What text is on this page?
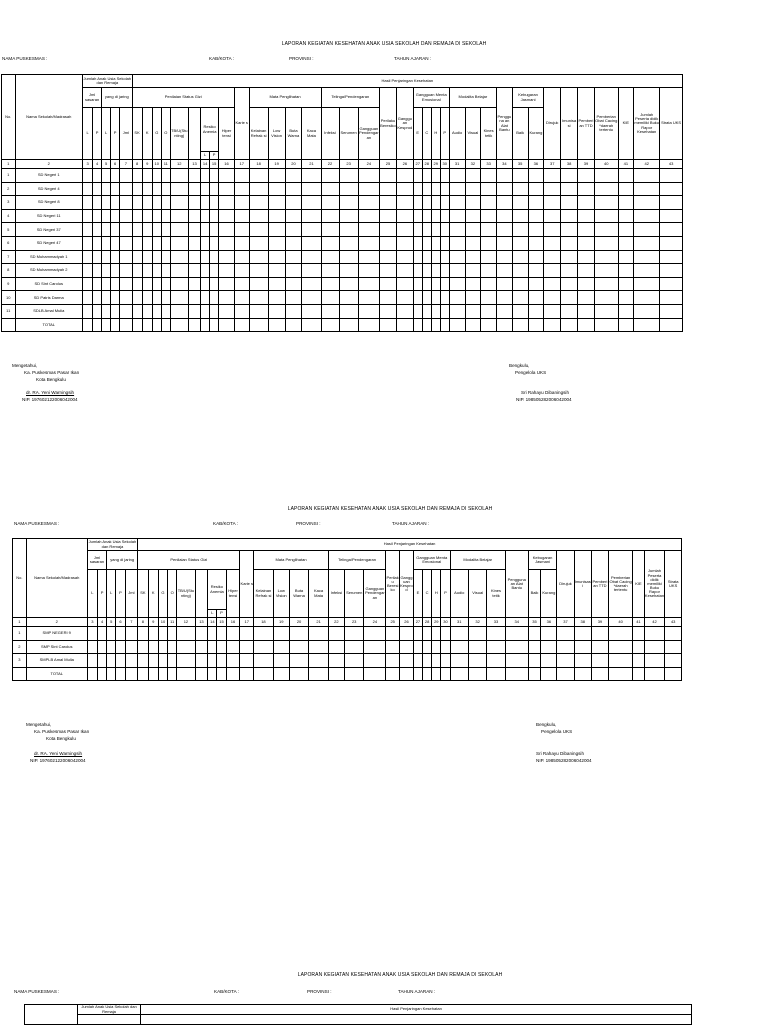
LAPORAN KEGIATAN KESEHATAN ANAK USIA SEKOLAH DAN REMAJA DI SEKOLAH
NAMA PUSKESMAS :	KAB/KOTA :	PROVINSI :	TAHUN AJARAN :
No.	Nama Sekolah/Madrasah	Jumlah Anak Usia Sekolah dan Remaja					Hasil Penjaringan Kesehatan																																			
		Jml sasaran		yang di jaring			Penilaian Status Gizi									Karie s	Mata Penglihatan				Telinga/Pendengaran			Perilaku Beresiko	Gangguan Kesprod	Gangguan Menta Emosional				Modalita Belajar			Pengguna an Alat Bantu	Kebugaran Jasmani		Dirujuk	Imunisasi	Pemberian TTD	Pemberian Obat Cacing *daerah tertentu	KIE	Jumlah Peserta didik memiliki Buku Rapor Kesehatan	Strata UKS
		L	P	L	P	Jml	SK	K	G	O	TB/U(Stu nting)		Resiko Anemia		Hiper tensi		Kelainan Refrak si	Low Vision	Buta Warna	Kaca Mata	Infeksi	Serumen	Gangguan Pendengaran			E	C	H	P	Audio	Visual	Kines tetik		Baik	Kurang							
													L	P																												
1	2	3	4	5	6	7	8	9	10	11	12	13	14	15	16	17	18	19	20	21	22	23	24	25	26	27	28	29	30	31	32	33	34	35	36	37	38	39	40	41	42	43
1	SD Negeri 1																																									
2	SD Negeri 4																																									
3	SD Negeri 8																																									
4	SD Negeri 11																																									
5	SD Negeri 37																																									
6	SD Negeri 47																																									
7	SD Muhammadyah 1																																									
8	SD Muhammadyah 2																																									
9	SD Sint Carolus																																									
10	SD Patris Darma																																									
11	SDLB Amal Mulia																																									
	TOTAL																																									
Mengetahui,
Ka. Puskesmas Pasar Ikan
Kota Bengkulu
dr. RA. Yeni Warningsih
NIP. 197602122006042004
Bengkulu,
Pengelola UKS
Sri Rahayu Dibaningsih
NIP. 198505282006042004
LAPORAN KEGIATAN KESEHATAN ANAK USIA SEKOLAH DAN REMAJA DI SEKOLAH
NAMA PUSKESMAS :	KAB/KOTA :	PROVINSI :	TAHUN AJARAN :
No.	Nama Sekolah/Madrasah	Jumlah Anak Usia Sekolah dan Remaja					Hasil Penjaringan Kesehatan																																			
		Jml sasaran		yang di jaring			Penilaian Status Gizi									Karie s	Mata Penglihatan				Telinga/Pendengaran			Perilaku Beresiko	Gangguan Kesprod	Gangguan Menta Emosional				Modalita Belajar			Pengguna an Alat Bantu	Kebugaran Jasmani		Dirujuk	Imunisasi	Pemberian TTD	Pemberian Obat Cacing *daerah tertentu	KIE	Jumlah Peserta didik memiliki Buku Rapor Kesehatan	Strata UKS
		L	P	L	P	Jml	SK	K	G	O	TB/U(Stu nting)		Resiko Anemia		Hiper tensi		Kelainan Refrak si	Low Vision	Buta Warna	Kaca Mata	Infeksi	Serumen	Gangguan Pendengaran			E	C	H	P	Audio	Visual	Kines tetik		Baik	Kurang							
													L	P																												
1	2	3	4	5	6	7	8	9	10	11	12	13	14	15	16	17	18	19	20	21	22	23	24	25	26	27	28	29	30	31	32	33	34	35	36	37	38	39	40	41	42	43
1	SMP NEGERI 9																																									
2	SMP Sint Carolus																																									
3	SMPLB Amal Mulia																																									
	TOTAL																																									
Mengetahui,
Ka. Puskesmas Pasar Ikan
Kota Bengkulu
dr. RA. Yeni Warningsih
NIP. 197602122006042004
Bengkulu,
Pengelola UKS
Sri Rahayu Dibaningsih
NIP. 198505282006042004
LAPORAN KEGIATAN KESEHATAN ANAK USIA SEKOLAH DAN REMAJA DI SEKOLAH
NAMA PUSKESMAS :	KAB/KOTA :	PROVINSI :	TAHUN AJARAN :
	Jumlah Anak Usia Sekolah dan Remaja	Hasil Penjaringan Kesehatan
